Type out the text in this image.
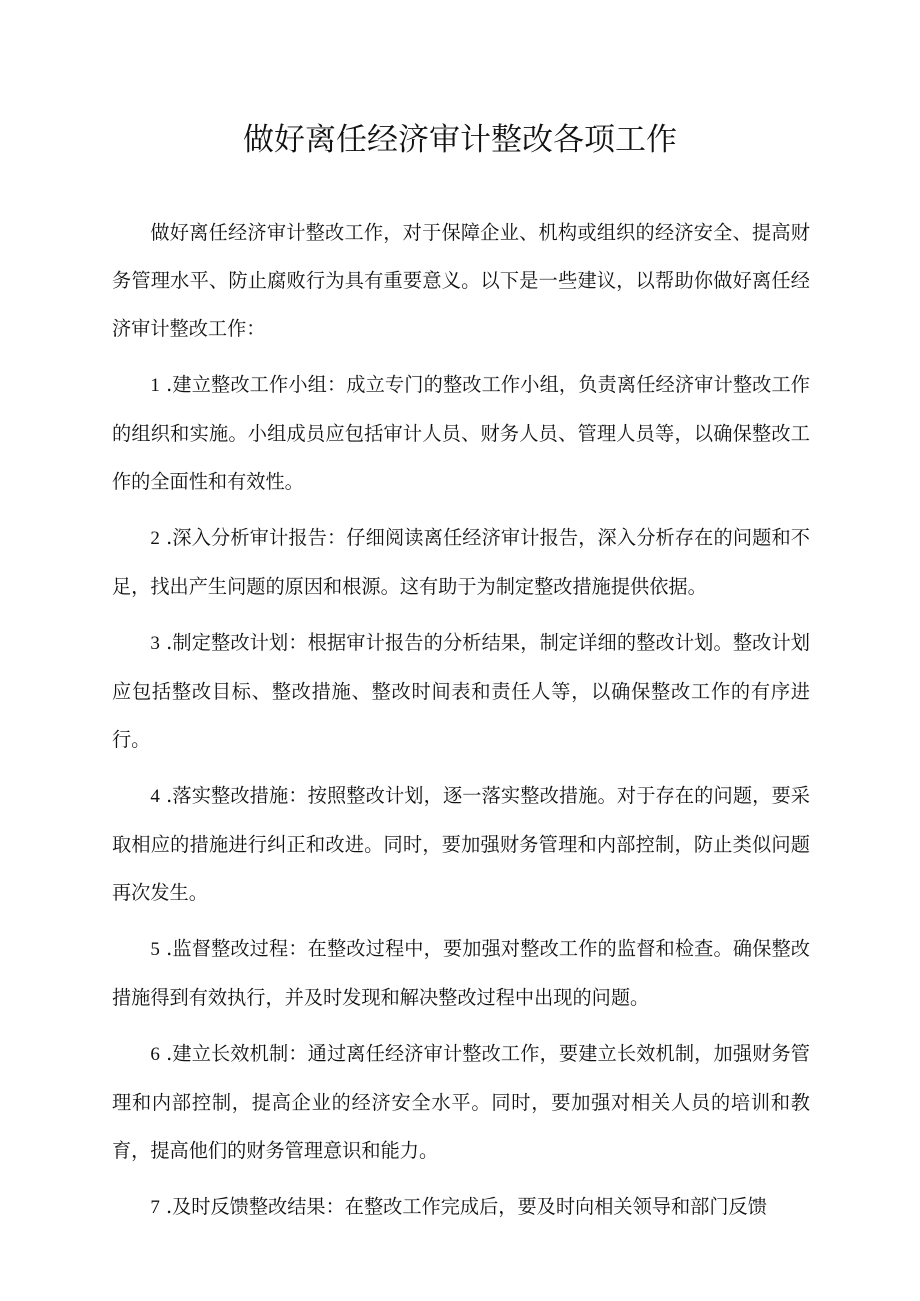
做好离任经济审计整改各项工作

做好离任经济审计整改工作，对于保障企业、机构或组织的经济安全、提高财务管理水平、防止腐败行为具有重要意义。以下是一些建议，以帮助你做好离任经济审计整改工作：

1 .建立整改工作小组：成立专门的整改工作小组，负责离任经济审计整改工作的组织和实施。小组成员应包括审计人员、财务人员、管理人员等，以确保整改工作的全面性和有效性。

2 .深入分析审计报告：仔细阅读离任经济审计报告，深入分析存在的问题和不足，找出产生问题的原因和根源。这有助于为制定整改措施提供依据。

3 .制定整改计划：根据审计报告的分析结果，制定详细的整改计划。整改计划应包括整改目标、整改措施、整改时间表和责任人等，以确保整改工作的有序进行。

4 .落实整改措施：按照整改计划，逐一落实整改措施。对于存在的问题，要采取相应的措施进行纠正和改进。同时，要加强财务管理和内部控制，防止类似问题再次发生。

5 .监督整改过程：在整改过程中，要加强对整改工作的监督和检查。确保整改措施得到有效执行，并及时发现和解决整改过程中出现的问题。

6 .建立长效机制：通过离任经济审计整改工作，要建立长效机制，加强财务管理和内部控制，提高企业的经济安全水平。同时，要加强对相关人员的培训和教育，提高他们的财务管理意识和能力。

7 .及时反馈整改结果：在整改工作完成后，要及时向相关领导和部门反馈
